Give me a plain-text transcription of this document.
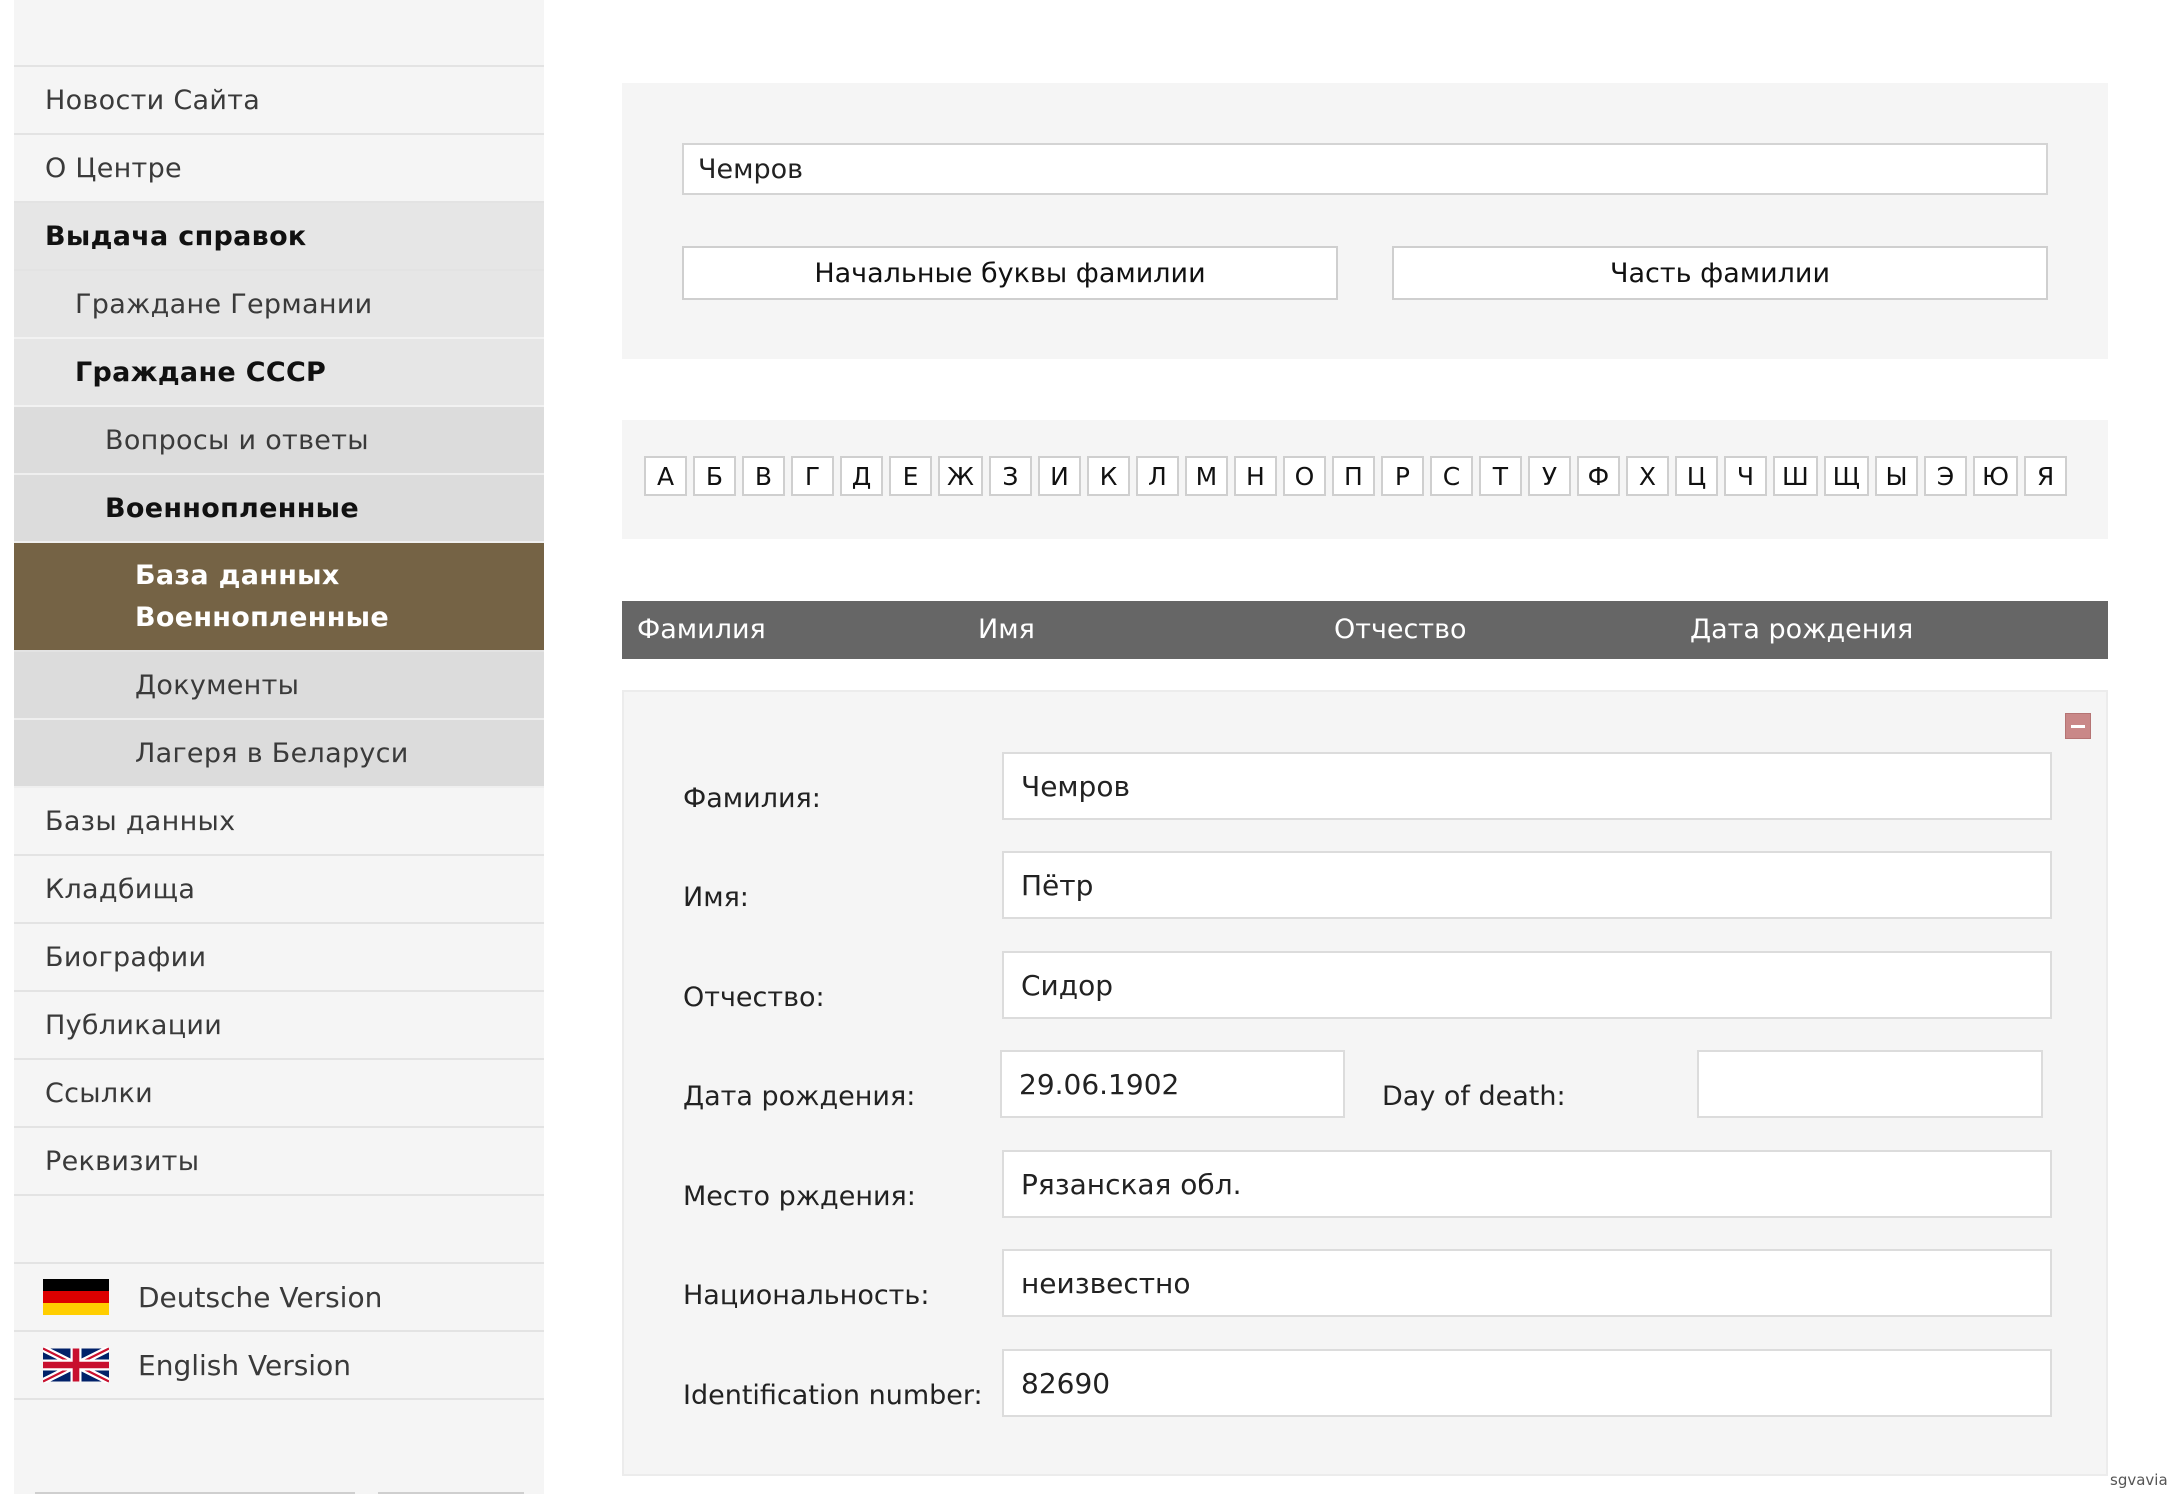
Новости Сайта
О Центре
Выдача справок
Граждане Германии
Граждане СССР
Вопросы и ответы
Военнопленные
База данных Военнопленные
Документы
Лагеря в Беларуси
Базы данных
Кладбища
Биографии
Публикации
Ссылки
Реквизиты
Deutsche Version
English Version
Чемров
Начальные буквы фамилии	Часть фамилии
А	Б	В	Г	Д	Е	Ж	З	И	К	Л	М	Н	О	П	Р	С	Т	У	Ф	Х	Ц	Ч	Ш Щ	Ы	Э	Ю	Я
Фамилия	Имя	Отчество	Дата рождения
Фамилия:	Чемров
Имя:	Пётр
Отчество:	Сидор
Дата рождения:	29.06.1902	Day of death:
Место рждения:	Рязанская обл.
Национальность:	неизвестно
Identification number:	82690
sgvavia
